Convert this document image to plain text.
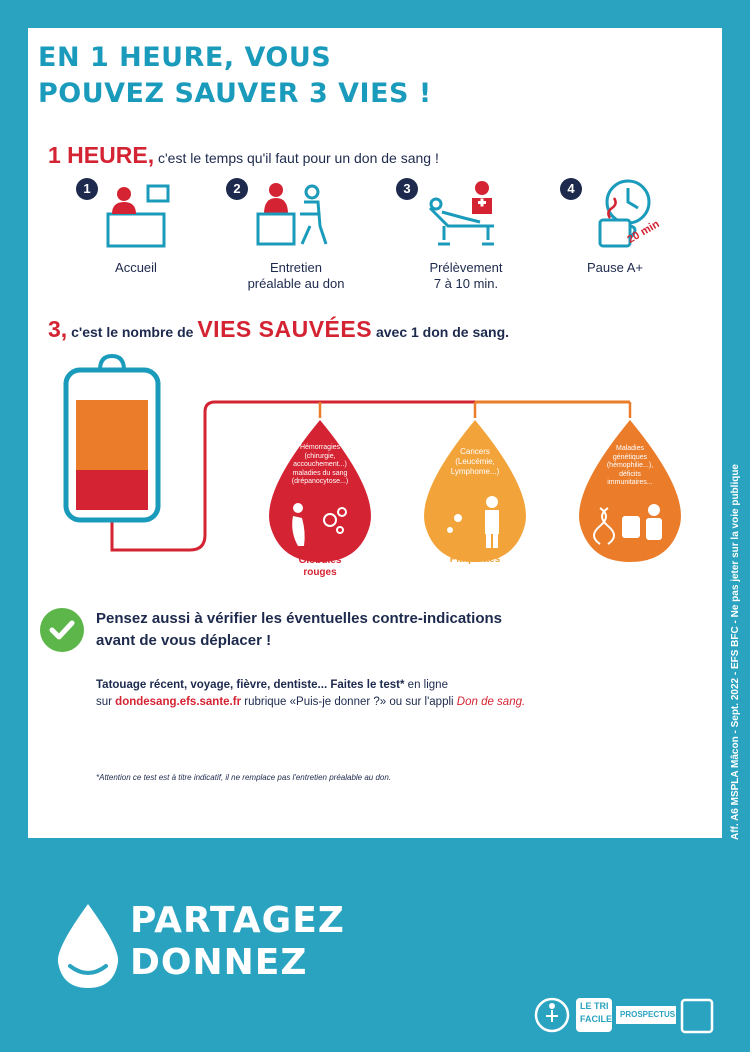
EN 1 HEURE, VOUS
POUVEZ SAUVER 3 VIES !
1 HEURE, c'est le temps qu'il faut pour un don de sang !
1
Accueil
2
Entretien
préalable au don
3
Prélèvement
7 à 10 min.
4
20 min
Pause A+
3, c'est le nombre de VIES SAUVÉES avec 1 don de sang.
Hémorragies
(chirurgie,
accouchement...)
maladies du sang
(drépanocytose...)
Globules
rouges
Cancers
(Leucémie,
Lymphome...)
Plaquettes
Maladies
génétiques
(hémophilie...),
déficits
immunitaires...
Plasma
Pensez aussi à vérifier les éventuelles contre-indications
avant de vous déplacer !
Tatouage récent, voyage, fièvre, dentiste... Faites le test* en ligne
sur dondesang.efs.sante.fr rubrique «Puis-je donner ?» ou sur l'appli Don de sang.
*Attention ce test est à titre indicatif, il ne remplace pas l'entretien préalable au don.	Aff. A6 MSPLA Mâcon - Sept. 2022 - EFS BFC - Ne pas jeter sur la voie publique
PARTAGEZ
DONNEZ
LE TRI
FACILE PROSPECTUS
